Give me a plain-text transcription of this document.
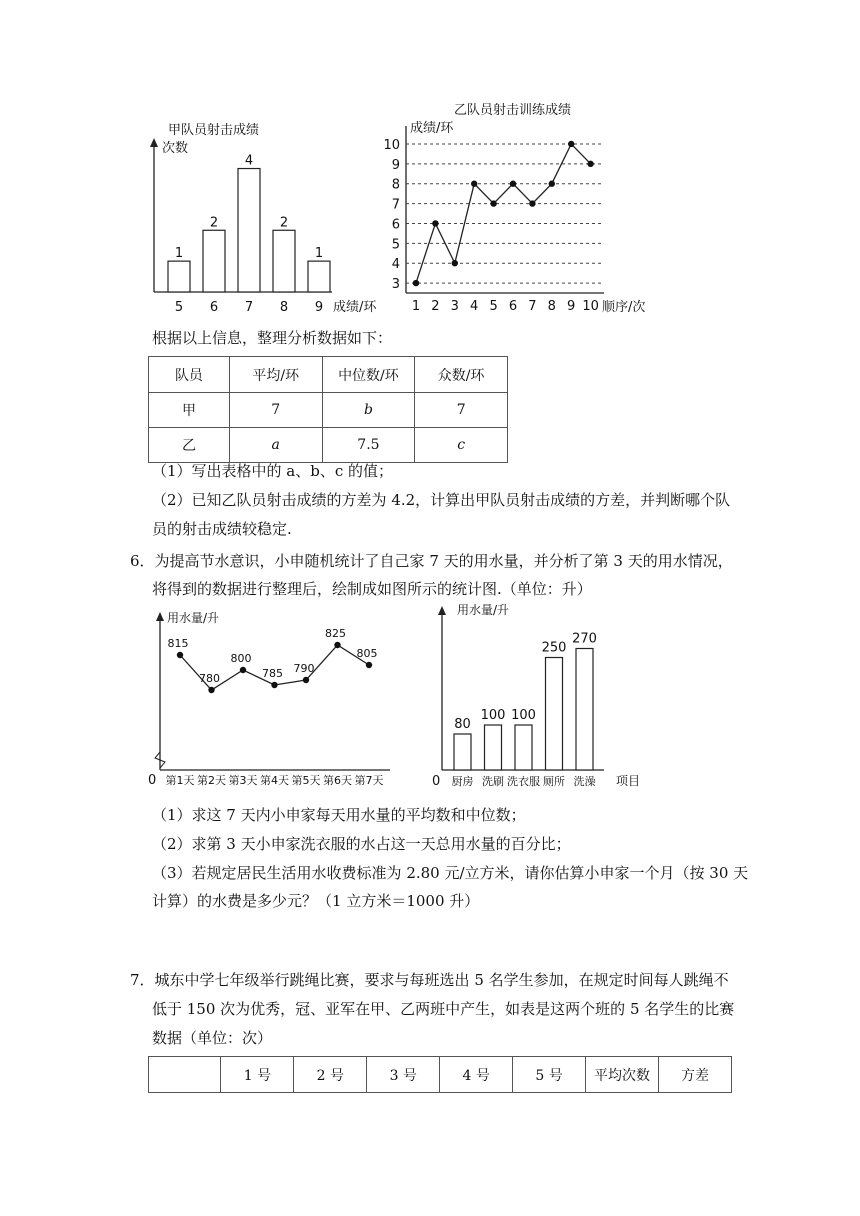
甲队员射击成绩
次数
1
5
2
6
4
7
2
8
1
9 成绩/环
乙队员射击训练成绩
成绩/环
3
4
5
6
7
8
9
10
1 2 3 4 5 6 7 8 9 10 顺序/次
根据以上信息，整理分析数据如下：
队员	平均/环	中位数/环	众数/环
甲	7	b	7
乙	a	7.5	c
（1）写出表格中的 a、b、c 的值；
（2）已知乙队员射击成绩的方差为 4.2，计算出甲队员射击成绩的方差，并判断哪个队
员的射击成绩较稳定.
6．为提高节水意识，小申随机统计了自己家 7 天的用水量，并分析了第 3 天的用水情况，
将得到的数据进行整理后，绘制成如图所示的统计图.（单位：升）
用水量/升
0
815
第1天
780
第2天
800
第3天
785
第4天
790
第5天
825
第6天
805
第7天
用水量/升
0	项目
80
厨房
100
洗刷
100
洗衣服
250
厕所
270
洗澡
（1）求这 7 天内小申家每天用水量的平均数和中位数；
（2）求第 3 天小申家洗衣服的水占这一天总用水量的百分比；
（3）若规定居民生活用水收费标准为 2.80 元/立方米，请你估算小申家一个月（按 30 天
计算）的水费是多少元？（1 立方米＝1000 升）
7．城东中学七年级举行跳绳比赛，要求与每班选出 5 名学生参加，在规定时间每人跳绳不
低于 150 次为优秀，冠、亚军在甲、乙两班中产生，如表是这两个班的 5 名学生的比赛
数据（单位：次）
	1 号	2 号	3 号	4 号	5 号	平均次数	方差
